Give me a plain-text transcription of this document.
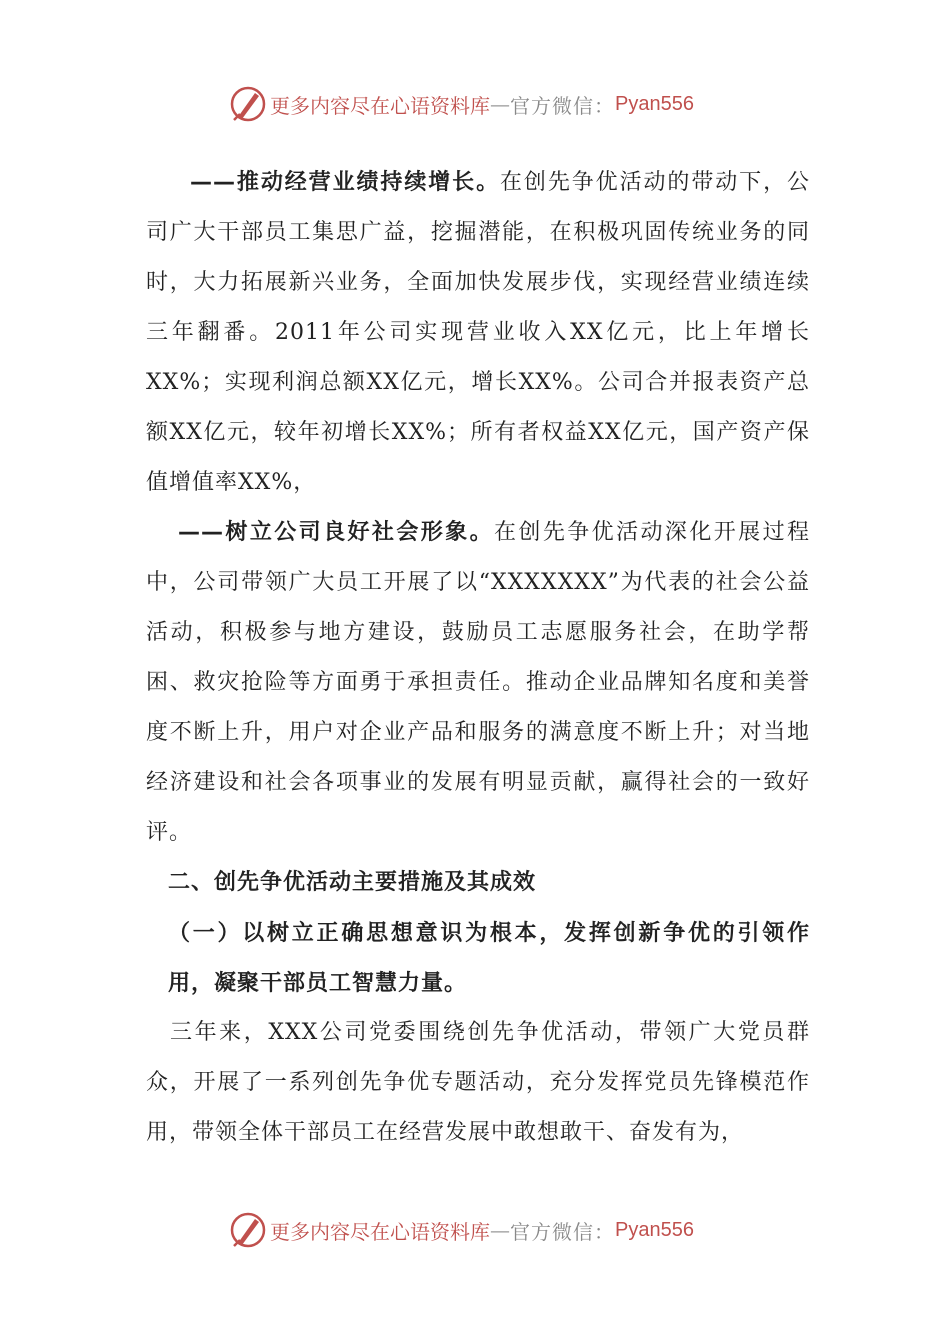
更多内容尽在心语资料库 — 官方微信： Pyan556

——推动经营业绩持续增长。在创先争优活动的带动下，公司广大干部员工集思广益，挖掘潜能，在积极巩固传统业务的同时，大力拓展新兴业务，全面加快发展步伐，实现经营业绩连续三年翻番。2011年公司实现营业收入XX亿元，比上年增长XX%；实现利润总额XX亿元，增长XX%。公司合并报表资产总额XX亿元，较年初增长XX%；所有者权益XX亿元，国产资产保值增值率XX%，

——树立公司良好社会形象。在创先争优活动深化开展过程中，公司带领广大员工开展了以“XXXXXXX”为代表的社会公益活动，积极参与地方建设，鼓励员工志愿服务社会，在助学帮困、救灾抢险等方面勇于承担责任。推动企业品牌知名度和美誉度不断上升，用户对企业产品和服务的满意度不断上升；对当地经济建设和社会各项事业的发展有明显贡献，赢得社会的一致好评。

二、创先争优活动主要措施及其成效

（一）以树立正确思想意识为根本，发挥创新争优的引领作用，凝聚干部员工智慧力量。

三年来，XXX公司党委围绕创先争优活动，带领广大党员群众，开展了一系列创先争优专题活动，充分发挥党员先锋模范作用，带领全体干部员工在经营发展中敢想敢干、奋发有为，

更多内容尽在心语资料库 — 官方微信： Pyan556
